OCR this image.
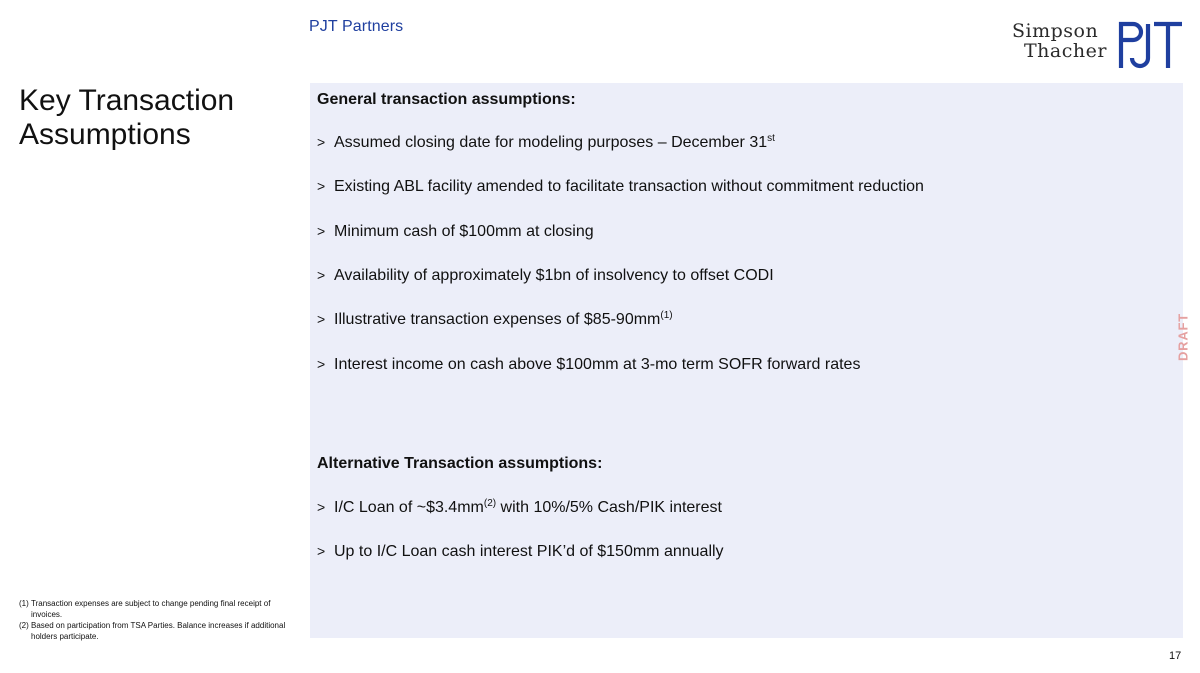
PJT Partners	Simpson
Thacher
Key Transaction Assumptions
General transaction assumptions:
> Assumed closing date for modeling purposes – December 31st
> Existing ABL facility amended to facilitate transaction without commitment reduction
> Minimum cash of $100mm at closing
> Availability of approximately $1bn of insolvency to offset CODI
> Illustrative transaction expenses of $\$85-90mm^{(1)}$
> Interest income on cash above $100mm at 3-mo term SOFR forward rates
Alternative Transaction assumptions:
> I/C Loan of $\sim\$3.4mm^{(2)}$ with 10%/5% Cash/PIK interest
> Up to I/C Loan cash interest PIK’d of $150mm annually
DRAFT
(1) Transaction expenses are subject to change pending final receipt of invoices.
(2) Based on participation from TSA Parties. Balance increases if additional holders participate.
17
